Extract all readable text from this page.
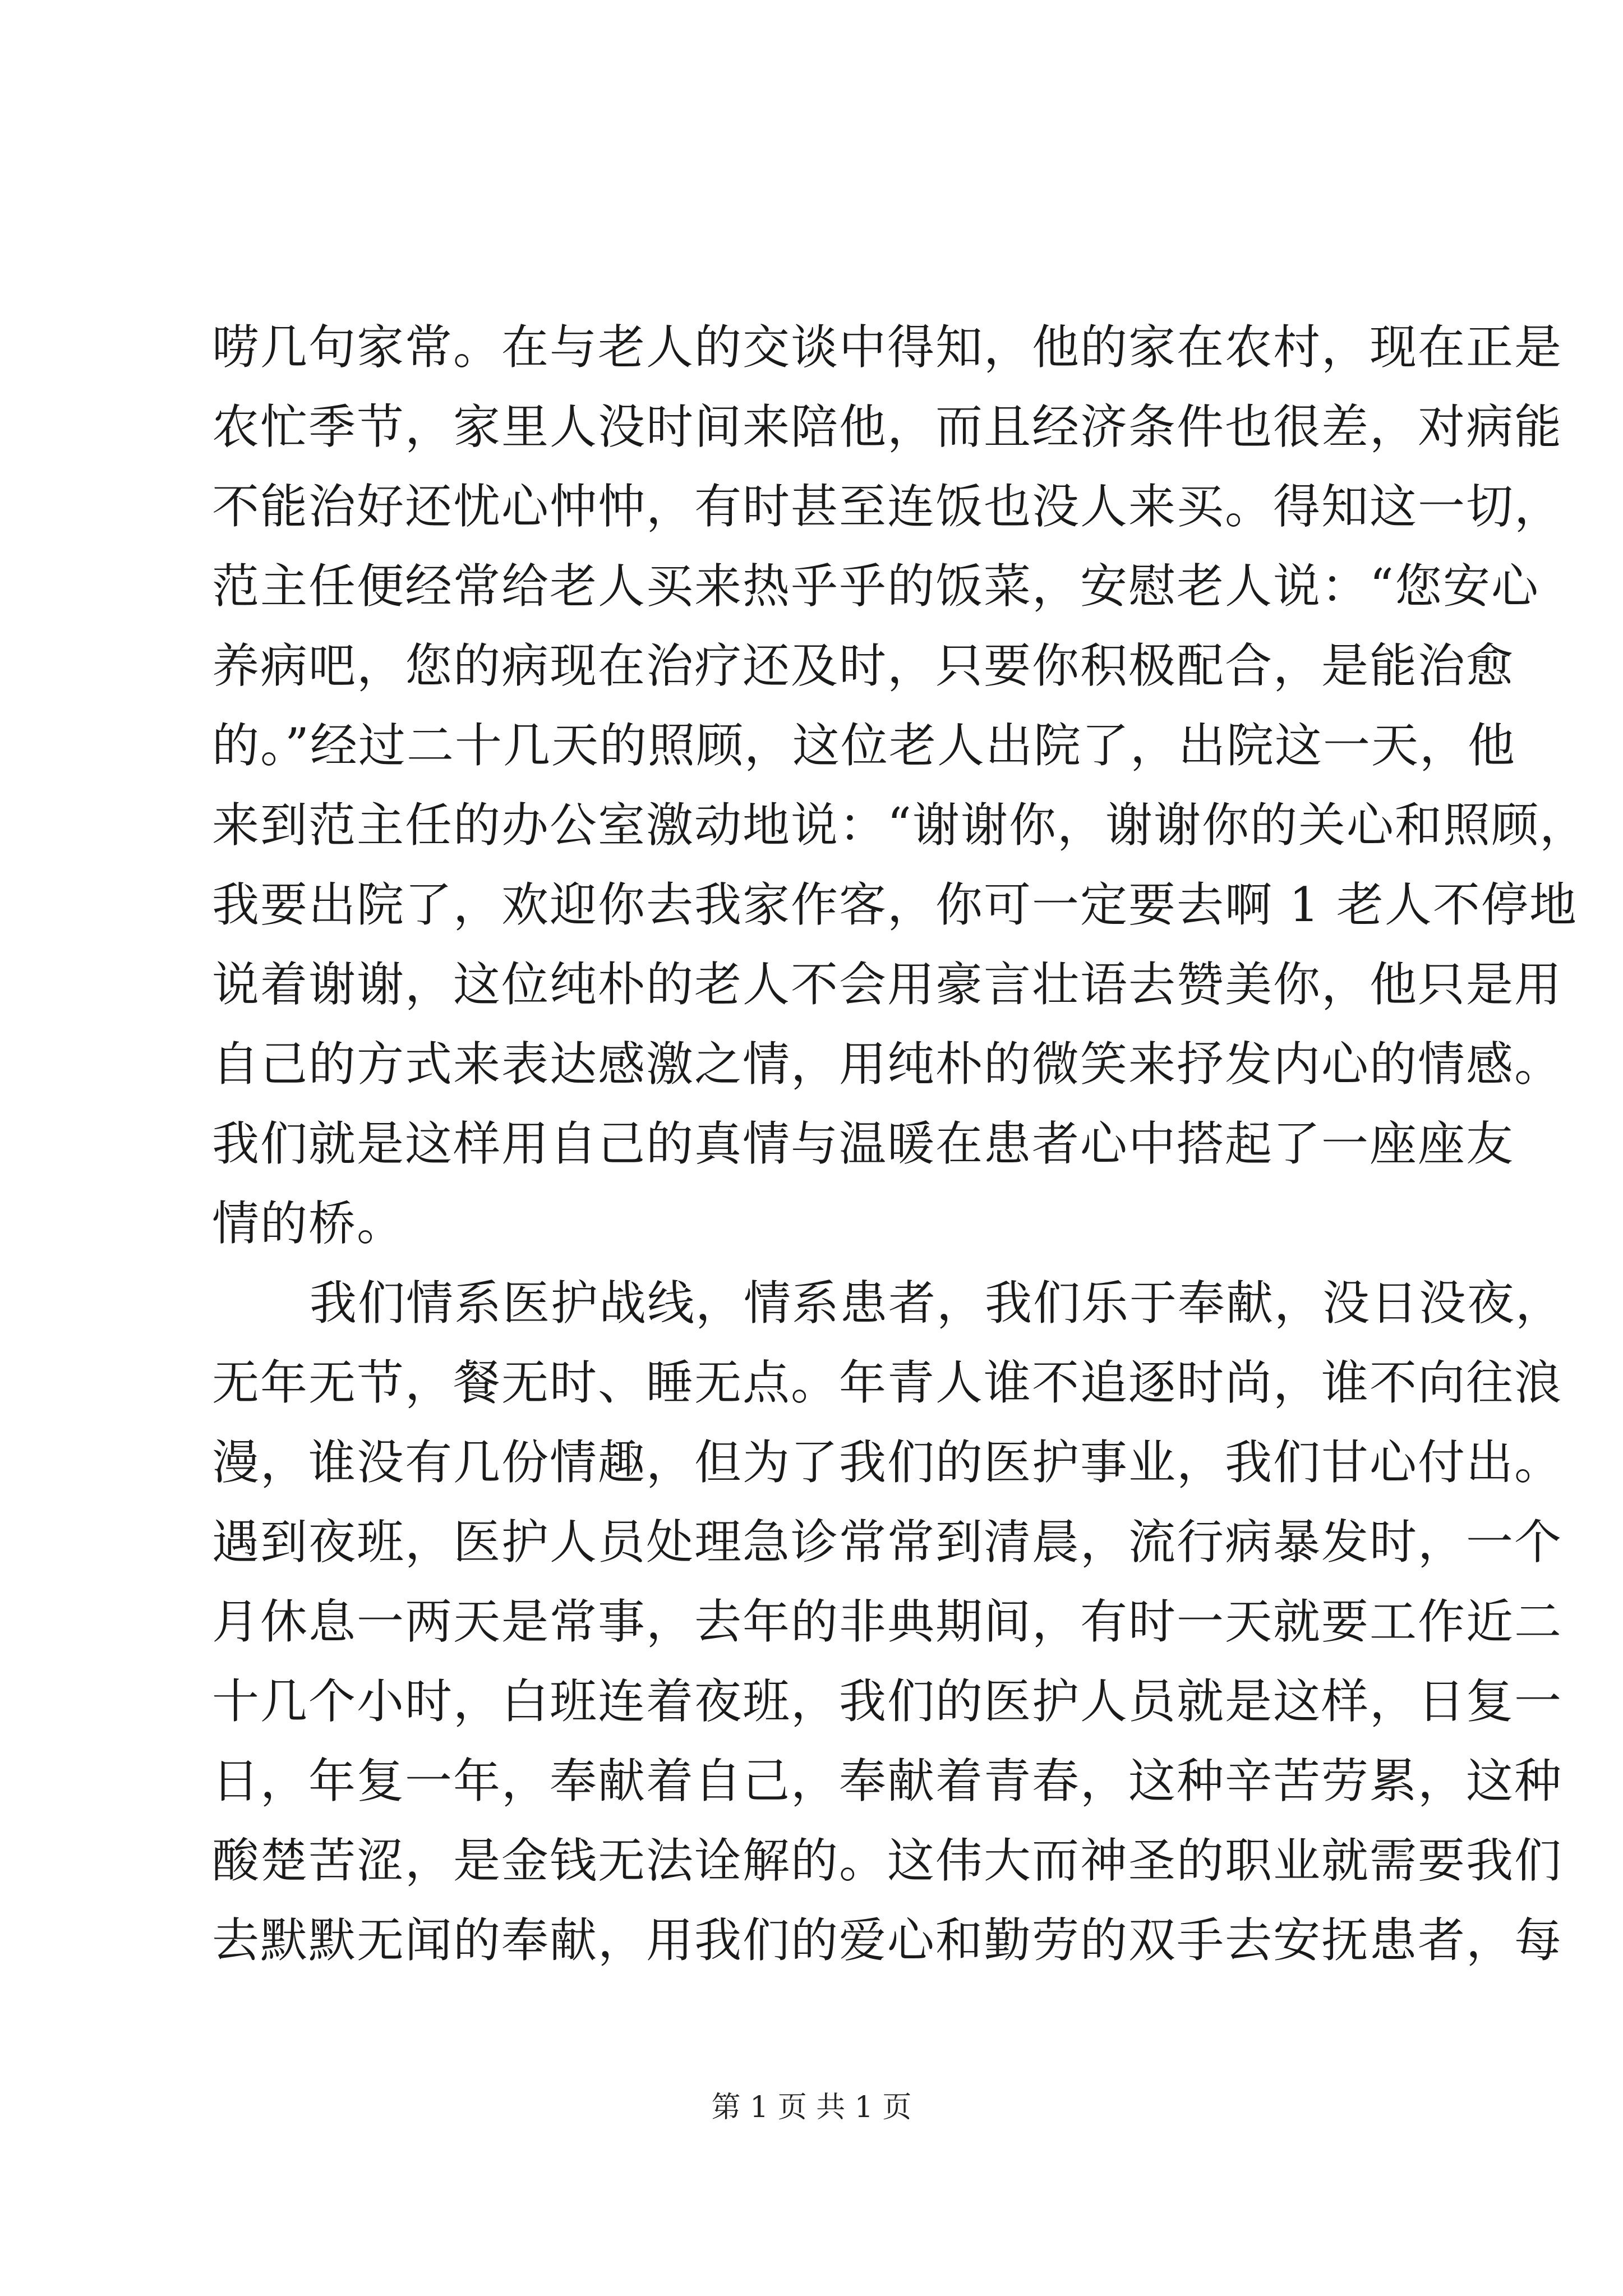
唠几句家常。在与老人的交谈中得知，他的家在农村，现在正是
农忙季节，家里人没时间来陪他，而且经济条件也很差，对病能
不能治好还忧心忡忡，有时甚至连饭也没人来买。得知这一切，
范主任便经常给老人买来热乎乎的饭菜，安慰老人说：“您安心
养病吧，您的病现在治疗还及时，只要你积极配合，是能治愈
的。”经过二十几天的照顾，这位老人出院了，出院这一天，他
来到范主任的办公室激动地说：“谢谢你，谢谢你的关心和照顾，
我要出院了，欢迎你去我家作客，你可一定要去啊 1 老人不停地
说着谢谢，这位纯朴的老人不会用豪言壮语去赞美你，他只是用
自己的方式来表达感激之情，用纯朴的微笑来抒发内心的情感。
我们就是这样用自己的真情与温暖在患者心中搭起了一座座友
情的桥。
我们情系医护战线，情系患者，我们乐于奉献，没日没夜，
无年无节，餐无时、睡无点。年青人谁不追逐时尚，谁不向往浪
漫，谁没有几份情趣，但为了我们的医护事业，我们甘心付出。
遇到夜班，医护人员处理急诊常常到清晨，流行病暴发时，一个
月休息一两天是常事，去年的非典期间，有时一天就要工作近二
十几个小时，白班连着夜班，我们的医护人员就是这样，日复一
日，年复一年，奉献着自己，奉献着青春，这种辛苦劳累，这种
酸楚苦涩，是金钱无法诠解的。这伟大而神圣的职业就需要我们
去默默无闻的奉献，用我们的爱心和勤劳的双手去安抚患者，每
第 1 页 共 1 页
